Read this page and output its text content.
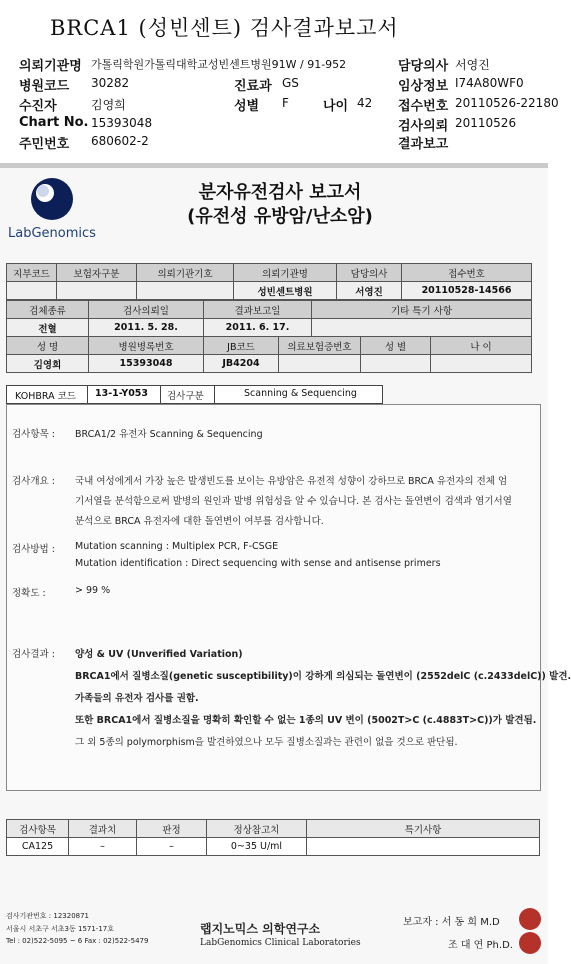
BRCA1 (성빈센트) 검사결과보고서
의뢰기관명 가톨릭학원가톨릭대학교성빈센트병원91W / 91-952	담당의사 서영진
병원코드 30282	진료과 GS	임상정보 I74A80WF0
수진자	김영희	성별 F	나이 42 접수번호 20110526-22180
Chart No. 15393048	검사의뢰 20110526
주민번호 680602-2	결과보고
LabGenomics
분자유전검사 보고서
(유전성 유방암/난소암)
지부코드	보험자구분	의뢰기관기호	의뢰기관명	담당의사	접수번호
			성빈센트병원	서영진	20110528-14566
검체종류	검사의뢰일	결과보고일	기타 특기 사항
전혈	2011. 5. 28.	2011. 6. 17.	
성 명	병원병록번호	JB코드	의료보험증번호	성 별	나 이
김영희	15393048	JB4204			
KOHBRA 코드 13-1-Y053 검사구분	Scanning & Sequencing
검사항목 : BRCA1/2 유전자 Scanning & Sequencing
검사개요 : 국내 여성에게서 가장 높은 발생빈도를 보이는 유방암은 유전적 성향이 강하므로 BRCA 유전자의 전체 엄
기서열을 분석함으로써 발병의 원인과 발병 위험성을 알 수 있습니다. 본 검사는 돌연변이 검색과 염기서열
분석으로 BRCA 유전자에 대한 돌연변이 여부를 검사합니다.
검사방법 : Mutation scanning : Multiplex PCR, F-CSGE
Mutation identification : Direct sequencing with sense and antisense primers
정확도 :	> 99 %
검사결과 : 양성 & UV (Unverified Variation)
BRCA1에서 질병소질(genetic susceptibility)이 강하게 의심되는 돌연변이 (2552delC (c.2433delC)) 발견.
가족들의 유전자 검사를 권함.
또한 BRCA1에서 질병소질을 명확히 확인할 수 없는 1종의 UV 변이 (5002T>C (c.4883T>C))가 발견됨.
그 외 5종의 polymorphism을 발견하였으나 모두 질병소질과는 관련이 없을 것으로 판단됨.
검사항목	결과치	판정	정상참고치	특기사항
CA125	–	–	0~35 U/ml	
검사기관번호 : 12320871
서울시 서초구 서초3동 1571-17호
Tel : 02)522-5095 ~ 6 Fax : 02)522-5479
랩지노믹스 의학연구소
LabGenomics Clinical Laboratories
보고자 : 서 동 희 M.D
조 대 연 Ph.D.
